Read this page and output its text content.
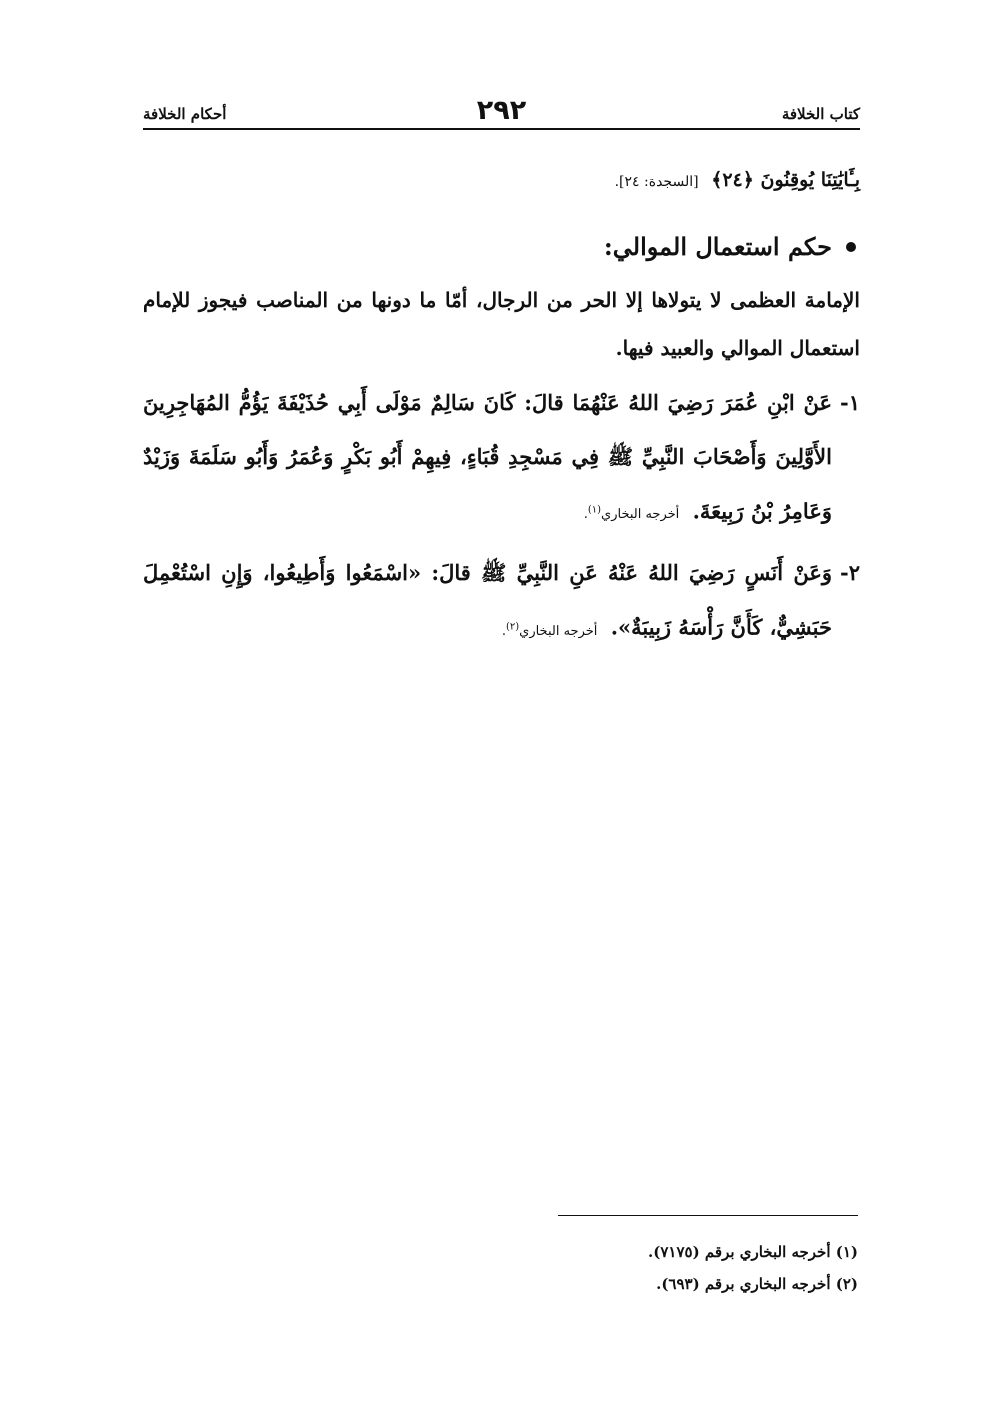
كتاب الخلافة
٢٩٢
أحكام الخلافة
بِـَٔايَٰتِنَا يُوقِنُونَ ﴿٢٤﴾ [السجدة: ٢٤].
حكم استعمال الموالي:
الإمامة العظمى لا يتولاها إلا الحر من الرجال، أمّا ما دونها من المناصب فيجوز للإمام استعمال الموالي والعبيد فيها.
١-
عَنْ ابْنِ عُمَرَ رَضِيَ اللهُ عَنْهُمَا قالَ: كَانَ سَالِمٌ مَوْلَى أَبِي حُذَيْفَةَ يَؤُمُّ المُهَاجِرِينَ الأَوَّلِينَ وَأَصْحَابَ النَّبِيِّ ﷺ فِي مَسْجِدِ قُبَاءٍ، فِيهِمْ أَبُو بَكْرٍ وَعُمَرُ وَأَبُو سَلَمَةَ وَزَيْدٌ وَعَامِرُ بْنُ رَبِيعَةَ. أخرجه البخاري$^{(١)}$.
٢-
وَعَنْ أَنَسٍ رَضِيَ اللهُ عَنْهُ عَنِ النَّبِيِّ ﷺ قالَ: «اسْمَعُوا وَأَطِيعُوا، وَإِنِ اسْتُعْمِلَ حَبَشِيٌّ، كَأَنَّ رَأْسَهُ زَبِيبَةٌ». أخرجه البخاري$^{(٢)}$.
(١) أخرجه البخاري برقم (٧١٧٥).
(٢) أخرجه البخاري برقم (٦٩٣).
